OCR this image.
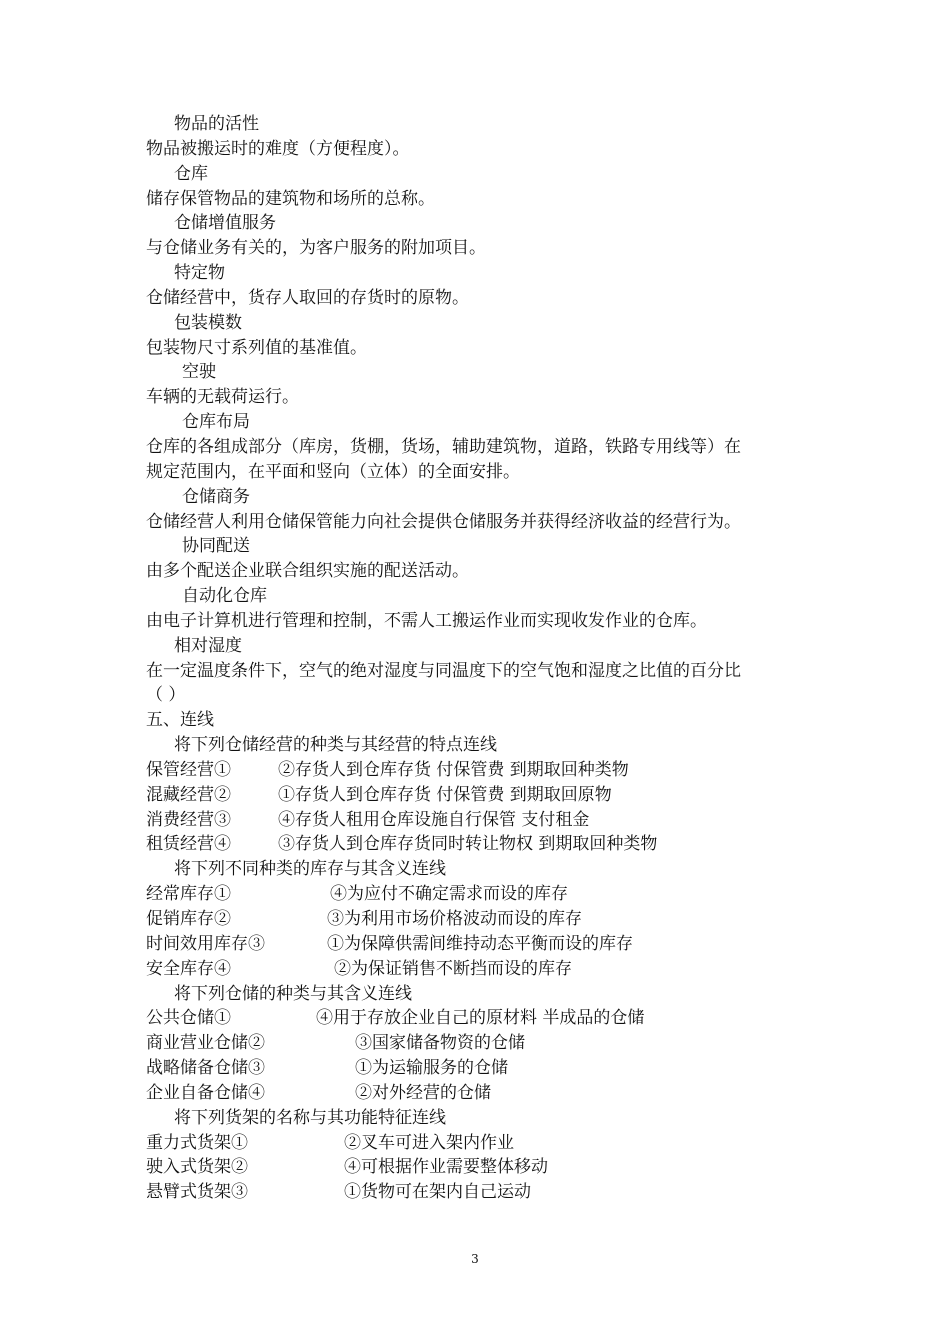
物品的活性
物品被搬运时的难度（方便程度）。
仓库
储存保管物品的建筑物和场所的总称。
仓储增值服务
与仓储业务有关的，为客户服务的附加项目。
特定物
仓储经营中，货存人取回的存货时的原物。
包装模数
包装物尺寸系列值的基准值。
空驶
车辆的无载荷运行。
仓库布局
仓库的各组成部分（库房，货棚，货场，辅助建筑物，道路，铁路专用线等）在
规定范围内，在平面和竖向（立体）的全面安排。
仓储商务
仓储经营人利用仓储保管能力向社会提供仓储服务并获得经济收益的经营行为。
协同配送
由多个配送企业联合组织实施的配送活动。
自动化仓库
由电子计算机进行管理和控制，不需人工搬运作业而实现收发作业的仓库。
相对湿度
在一定温度条件下，空气的绝对湿度与同温度下的空气饱和湿度之比值的百分比
（ ）
五、连线
将下列仓储经营的种类与其经营的特点连线
保管经营①	②存货人到仓库存货 付保管费 到期取回种类物
混藏经营②	①存货人到仓库存货 付保管费 到期取回原物
消费经营③	④存货人租用仓库设施自行保管 支付租金
租赁经营④	③存货人到仓库存货同时转让物权 到期取回种类物
将下列不同种类的库存与其含义连线
经常库存①	④为应付不确定需求而设的库存
促销库存②	③为利用市场价格波动而设的库存
时间效用库存③	①为保障供需间维持动态平衡而设的库存
安全库存④	②为保证销售不断挡而设的库存
将下列仓储的种类与其含义连线
公共仓储①	④用于存放企业自己的原材料 半成品的仓储
商业营业仓储②	③国家储备物资的仓储
战略储备仓储③	①为运输服务的仓储
企业自备仓储④	②对外经营的仓储
将下列货架的名称与其功能特征连线
重力式货架①	②叉车可进入架内作业
驶入式货架②	④可根据作业需要整体移动
悬臂式货架③	①货物可在架内自己运动
3
